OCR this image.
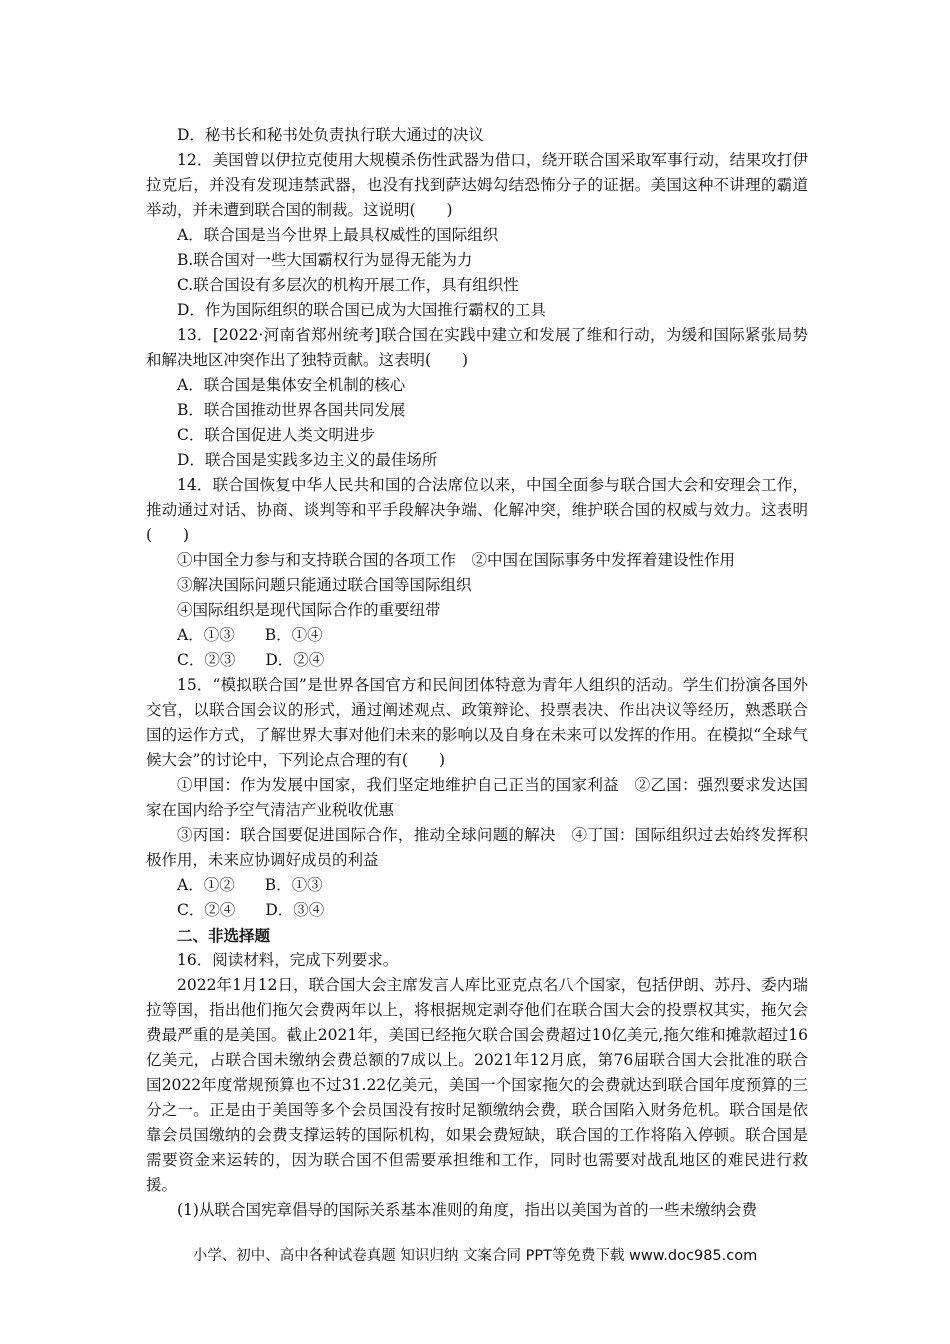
D．秘书长和秘书处负责执行联大通过的决议
12．美国曾以伊拉克使用大规模杀伤性武器为借口，绕开联合国采取军事行动，结果攻打伊拉克后，并没有发现违禁武器，也没有找到萨达姆勾结恐怖分子的证据。美国这种不讲理的霸道举动，并未遭到联合国的制裁。这说明(　　)
A．联合国是当今世界上最具权威性的国际组织
B.联合国对一些大国霸权行为显得无能为力
C.联合国设有多层次的机构开展工作，具有组织性
D．作为国际组织的联合国已成为大国推行霸权的工具
13．[2022·河南省郑州统考]联合国在实践中建立和发展了维和行动，为缓和国际紧张局势和解决地区冲突作出了独特贡献。这表明(　　)
A．联合国是集体安全机制的核心
B．联合国推动世界各国共同发展
C．联合国促进人类文明进步
D．联合国是实践多边主义的最佳场所
14．联合国恢复中华人民共和国的合法席位以来，中国全面参与联合国大会和安理会工作，推动通过对话、协商、谈判等和平手段解决争端、化解冲突，维护联合国的权威与效力。这表明(　　)
①中国全力参与和支持联合国的各项工作　②中国在国际事务中发挥着建设性作用
③解决国际问题只能通过联合国等国际组织
④国际组织是现代国际合作的重要纽带
A．①③ B．①④
C．②③ D．②④
15．“模拟联合国”是世界各国官方和民间团体特意为青年人组织的活动。学生们扮演各国外交官，以联合国会议的形式，通过阐述观点、政策辩论、投票表决、作出决议等经历，熟悉联合国的运作方式，了解世界大事对他们未来的影响以及自身在未来可以发挥的作用。在模拟“全球气候大会”的讨论中，下列论点合理的有(　　)
①甲国：作为发展中国家，我们坚定地维护自己正当的国家利益　②乙国：强烈要求发达国家在国内给予空气清洁产业税收优惠
③丙国：联合国要促进国际合作，推动全球问题的解决　④丁国：国际组织过去始终发挥积极作用，未来应协调好成员的利益
A．①② B．①③
C．②④ D．③④
二、非选择题
16．阅读材料，完成下列要求。
2022年1月12日，联合国大会主席发言人库比亚克点名八个国家，包括伊朗、苏丹、委内瑞拉等国，指出他们拖欠会费两年以上，将根据规定剥夺他们在联合国大会的投票权其实，拖欠会费最严重的是美国。截止2021年，美国已经拖欠联合国会费超过10亿美元,拖欠维和摊款超过16亿美元，占联合国未缴纳会费总额的7成以上。2021年12月底，第76届联合国大会批准的联合国2022年度常规预算也不过31.22亿美元，美国一个国家拖欠的会费就达到联合国年度预算的三分之一。正是由于美国等多个会员国没有按时足额缴纳会费，联合国陷入财务危机。联合国是依靠会员国缴纳的会费支撑运转的国际机构，如果会费短缺，联合国的工作将陷入停顿。联合国是需要资金来运转的，因为联合国不但需要承担维和工作，同时也需要对战乱地区的难民进行救援。
(1)从联合国宪章倡导的国际关系基本准则的角度，指出以美国为首的一些未缴纳会费
小学、初中、高中各种试卷真题 知识归纳 文案合同 PPT等免费下载 www.doc985.com
